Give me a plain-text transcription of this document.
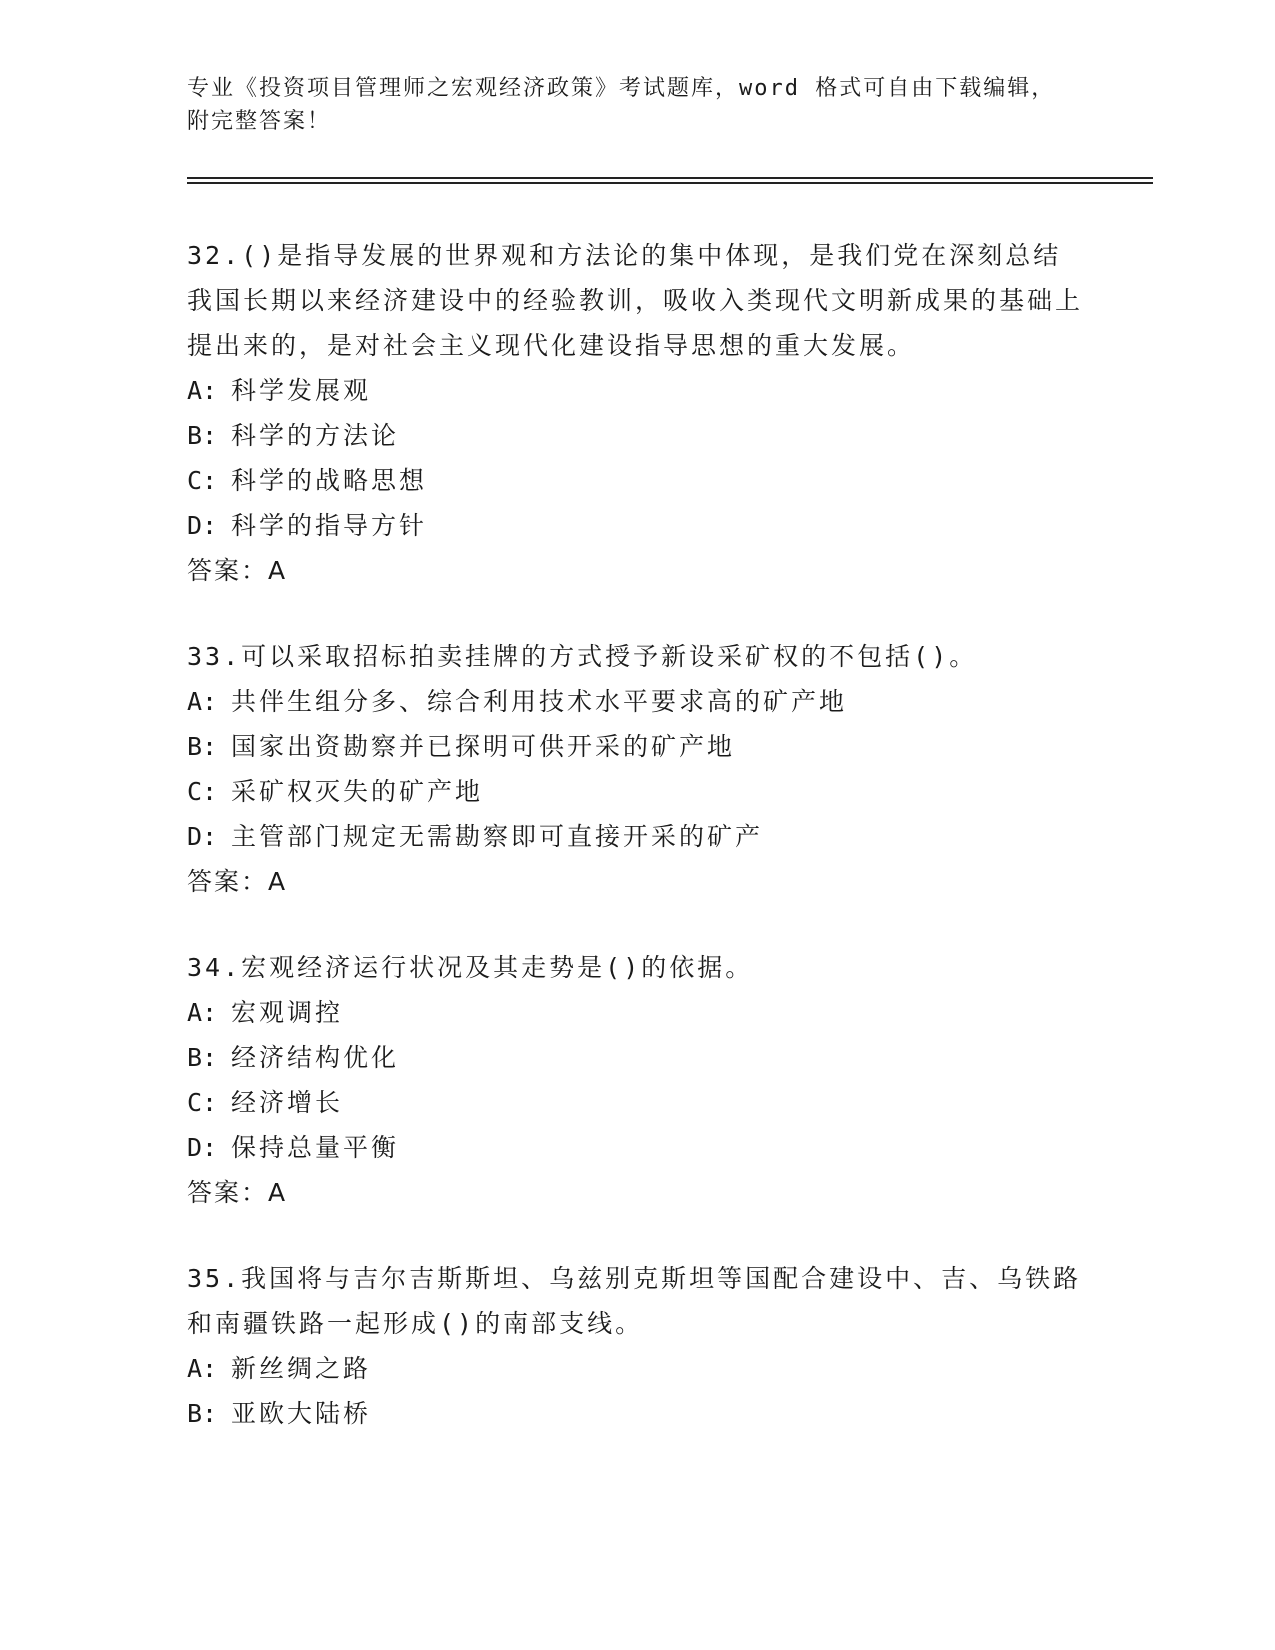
专业《投资项目管理师之宏观经济政策》考试题库，word 格式可自由下载编辑，附完整答案！

32.()是指导发展的世界观和方法论的集中体现，是我们党在深刻总结我国长期以来经济建设中的经验教训，吸收入类现代文明新成果的基础上提出来的，是对社会主义现代化建设指导思想的重大发展。

A: 科学发展观

B: 科学的方法论

C: 科学的战略思想

D: 科学的指导方针

答案：A

33.可以采取招标拍卖挂牌的方式授予新设采矿权的不包括()。

A: 共伴生组分多、综合利用技术水平要求高的矿产地

B: 国家出资勘察并已探明可供开采的矿产地

C: 采矿权灭失的矿产地

D: 主管部门规定无需勘察即可直接开采的矿产

答案：A

34.宏观经济运行状况及其走势是()的依据。

A: 宏观调控

B: 经济结构优化

C: 经济增长

D: 保持总量平衡

答案：A

35.我国将与吉尔吉斯斯坦、乌兹别克斯坦等国配合建设中、吉、乌铁路和南疆铁路一起形成()的南部支线。

A: 新丝绸之路

B: 亚欧大陆桥
